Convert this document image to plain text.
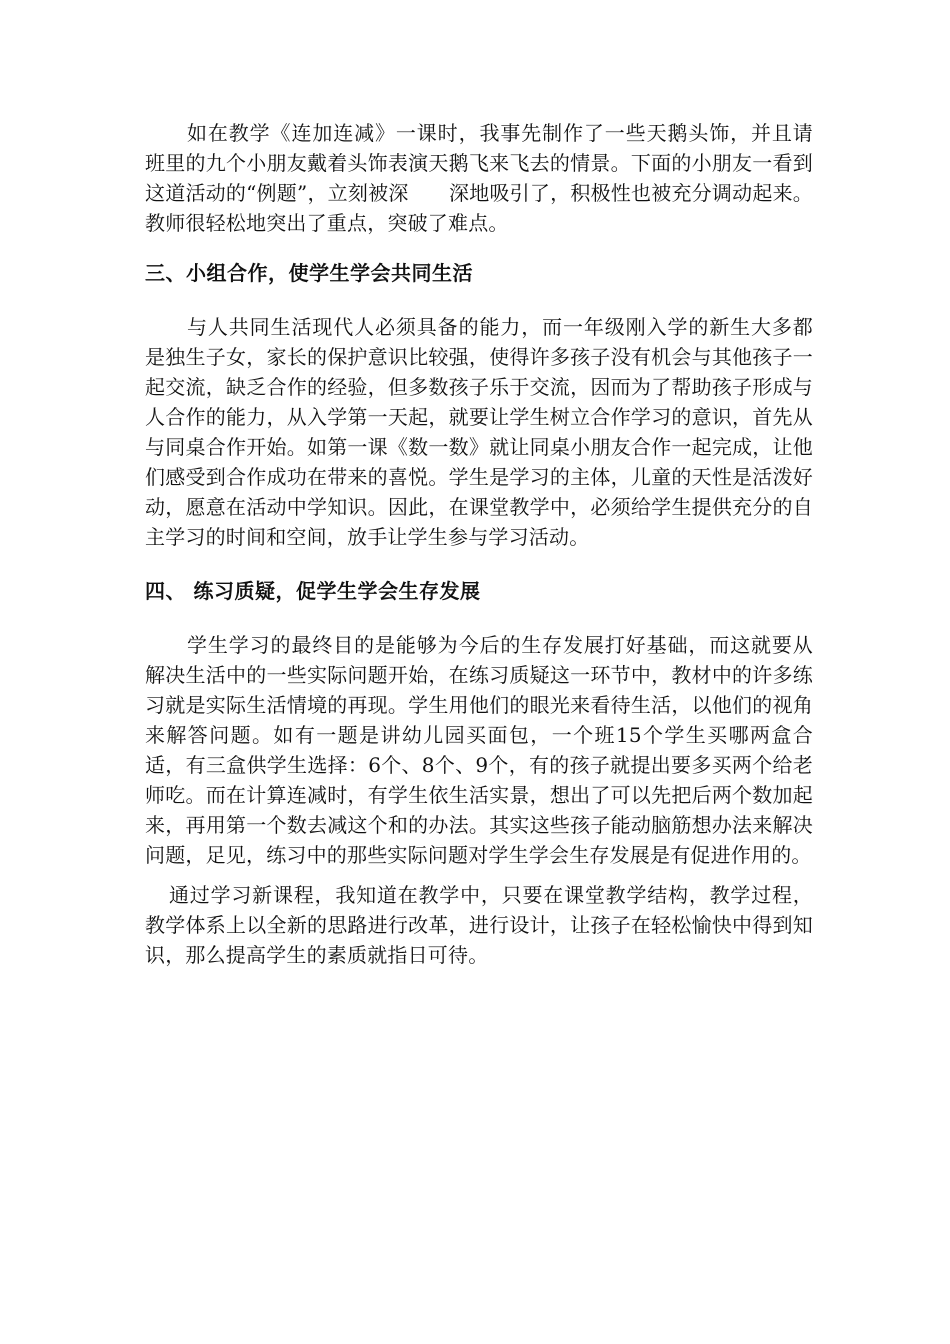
如在教学《连加连减》一课时，我事先制作了一些天鹅头饰，并且请班里的九个小朋友戴着头饰表演天鹅飞来飞去的情景。下面的小朋友一看到这道活动的“例题”，立刻被深　　深地吸引了，积极性也被充分调动起来。教师很轻松地突出了重点，突破了难点。

三、小组合作，使学生学会共同生活

与人共同生活现代人必须具备的能力，而一年级刚入学的新生大多都是独生子女，家长的保护意识比较强，使得许多孩子没有机会与其他孩子一起交流，缺乏合作的经验，但多数孩子乐于交流，因而为了帮助孩子形成与人合作的能力，从入学第一天起，就要让学生树立合作学习的意识，首先从与同桌合作开始。如第一课《数一数》就让同桌小朋友合作一起完成，让他们感受到合作成功在带来的喜悦。学生是学习的主体，儿童的天性是活泼好动，愿意在活动中学知识。因此，在课堂教学中，必须给学生提供充分的自主学习的时间和空间，放手让学生参与学习活动。

四、 练习质疑，促学生学会生存发展

学生学习的最终目的是能够为今后的生存发展打好基础，而这就要从解决生活中的一些实际问题开始，在练习质疑这一环节中，教材中的许多练习就是实际生活情境的再现。学生用他们的眼光来看待生活，以他们的视角来解答问题。如有一题是讲幼儿园买面包，一个班15个学生买哪两盒合适，有三盒供学生选择：6个、8个、9个，有的孩子就提出要多买两个给老师吃。而在计算连减时，有学生依生活实景，想出了可以先把后两个数加起来，再用第一个数去减这个和的办法。其实这些孩子能动脑筋想办法来解决问题，足见，练习中的那些实际问题对学生学会生存发展是有促进作用的。

通过学习新课程，我知道在教学中，只要在课堂教学结构，教学过程，教学体系上以全新的思路进行改革，进行设计，让孩子在轻松愉快中得到知识，那么提高学生的素质就指日可待。
